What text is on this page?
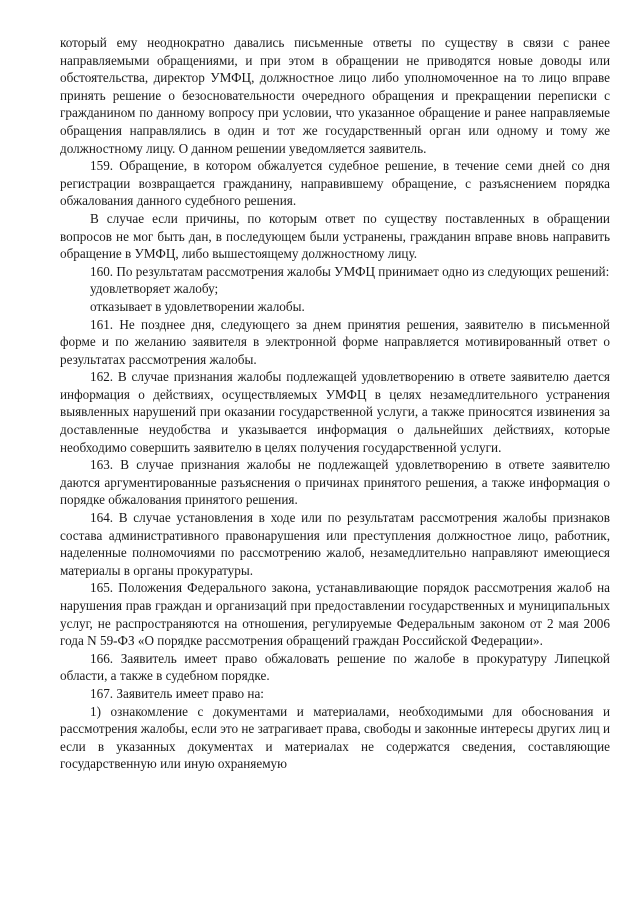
который ему неоднократно давались письменные ответы по существу в связи с ранее направляемыми обращениями, и при этом в обращении не приводятся новые доводы или обстоятельства, директор УМФЦ, должностное лицо либо уполномоченное на то лицо вправе принять решение о безосновательности очередного обращения и прекращении переписки с гражданином по данному вопросу при условии, что указанное обращение и ранее направляемые обращения направлялись в один и тот же государственный орган или одному и тому же должностному лицу. О данном решении уведомляется заявитель.

159. Обращение, в котором обжалуется судебное решение, в течение семи дней со дня регистрации возвращается гражданину, направившему обращение, с разъяснением порядка обжалования данного судебного решения.

В случае если причины, по которым ответ по существу поставленных в обращении вопросов не мог быть дан, в последующем были устранены, гражданин вправе вновь направить обращение в УМФЦ, либо вышестоящему должностному лицу.

160. По результатам рассмотрения жалобы УМФЦ принимает одно из следующих решений:

удовлетворяет жалобу;

отказывает в удовлетворении жалобы.

161. Не позднее дня, следующего за днем принятия решения, заявителю в письменной форме и по желанию заявителя в электронной форме направляется мотивированный ответ о результатах рассмотрения жалобы.

162. В случае признания жалобы подлежащей удовлетворению в ответе заявителю дается информация о действиях, осуществляемых УМФЦ в целях незамедлительного устранения выявленных нарушений при оказании государственной услуги, а также приносятся извинения за доставленные неудобства и указывается информация о дальнейших действиях, которые необходимо совершить заявителю в целях получения государственной услуги.

163. В случае признания жалобы не подлежащей удовлетворению в ответе заявителю даются аргументированные разъяснения о причинах принятого решения, а также информация о порядке обжалования принятого решения.

164. В случае установления в ходе или по результатам рассмотрения жалобы признаков состава административного правонарушения или преступления должностное лицо, работник, наделенные полномочиями по рассмотрению жалоб, незамедлительно направляют имеющиеся материалы в органы прокуратуры.

165. Положения Федерального закона, устанавливающие порядок рассмотрения жалоб на нарушения прав граждан и организаций при предоставлении государственных и муниципальных услуг, не распространяются на отношения, регулируемые Федеральным законом от 2 мая 2006 года N 59-ФЗ «О порядке рассмотрения обращений граждан Российской Федерации».

166. Заявитель имеет право обжаловать решение по жалобе в прокуратуру Липецкой области, а также в судебном порядке.

167. Заявитель имеет право на:

1) ознакомление с документами и материалами, необходимыми для обоснования и рассмотрения жалобы, если это не затрагивает права, свободы и законные интересы других лиц и если в указанных документах и материалах не содержатся сведения, составляющие государственную или иную охраняемую
